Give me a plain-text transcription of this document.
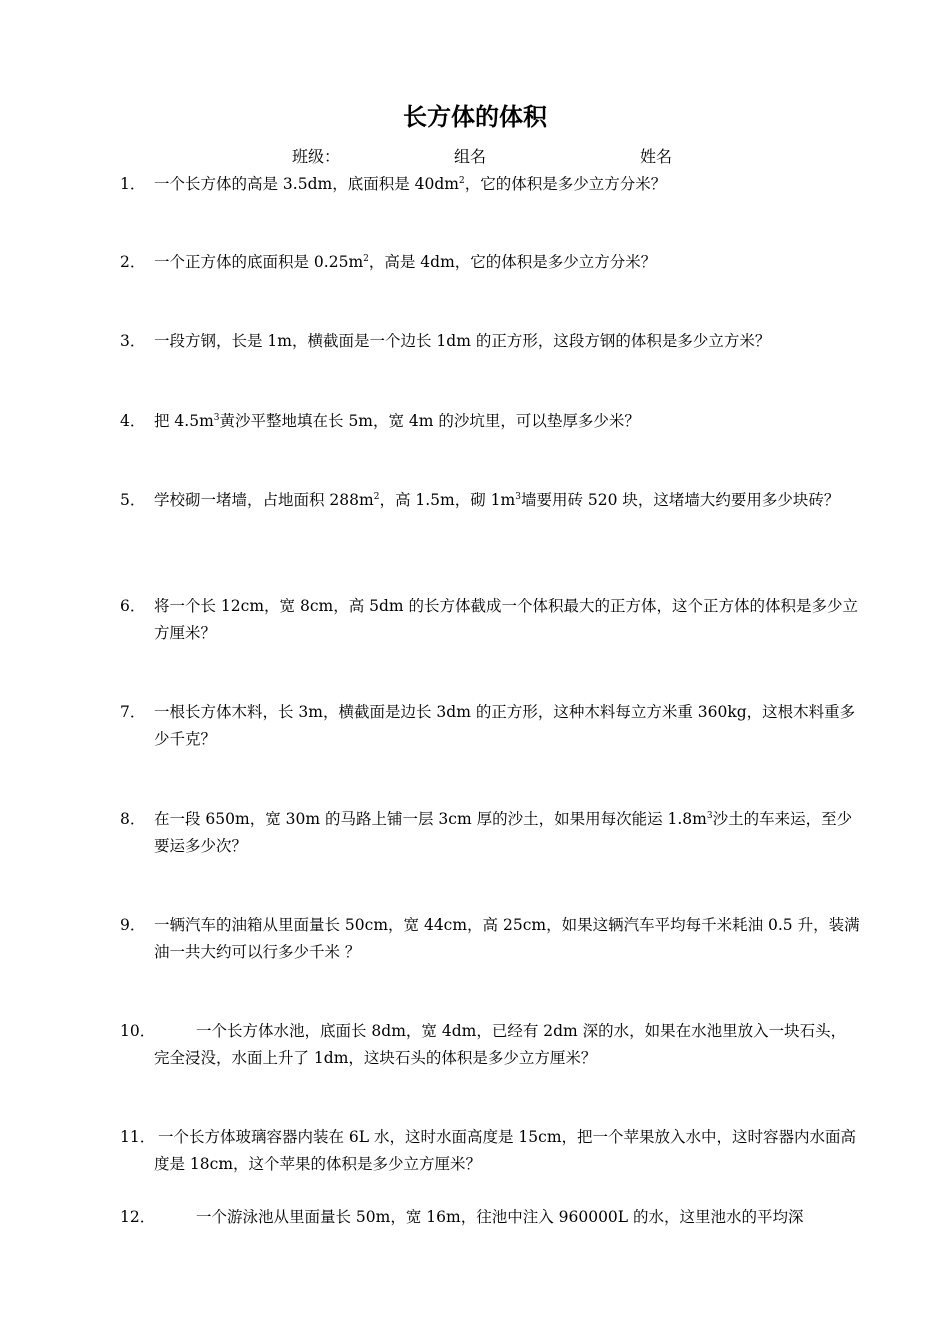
长方体的体积
班级：	组名	姓名
1． 一个长方体的高是 3.5dm，底面积是 $40dm^2$，它的体积是多少立方分米？
2． 一个正方体的底面积是 $0.25m^2$，高是 4dm，它的体积是多少立方分米？
3． 一段方钢，长是 1m，横截面是一个边长 1dm 的正方形，这段方钢的体积是多少立方米？
4． 把 $4.5m^3$黄沙平整地填在长 5m，宽 4m 的沙坑里，可以垫厚多少米？
5． 学校砌一堵墙，占地面积 $288m^2$，高 1.5m，砌 $1m^3$墙要用砖 520 块，这堵墙大约要用多少块砖？
6． 将一个长 12cm，宽 8cm，高 5dm 的长方体截成一个体积最大的正方体，这个正方体的体积是多少立方厘米？
7． 一根长方体木料，长 3m，横截面是边长 3dm 的正方形，这种木料每立方米重 360kg，这根木料重多少千克？
8． 在一段 650m，宽 30m 的马路上铺一层 3cm 厚的沙土，如果用每次能运 $1.8m^3$沙土的车来运，至少要运多少次？
9． 一辆汽车的油箱从里面量长 50cm，宽 44cm，高 25cm，如果这辆汽车平均每千米耗油 0.5 升，装满油一共大约可以行多少千米 ？
10．	一个长方体水池，底面长 8dm，宽 4dm，已经有 2dm 深的水，如果在水池里放入一块石头，完全浸没，水面上升了 1dm，这块石头的体积是多少立方厘米？
11． 一个长方体玻璃容器内装在 6L 水，这时水面高度是 15cm，把一个苹果放入水中，这时容器内水面高度是 18cm，这个苹果的体积是多少立方厘米？
12．	一个游泳池从里面量长 50m，宽 16m，往池中注入 960000L 的水，这里池水的平均深
